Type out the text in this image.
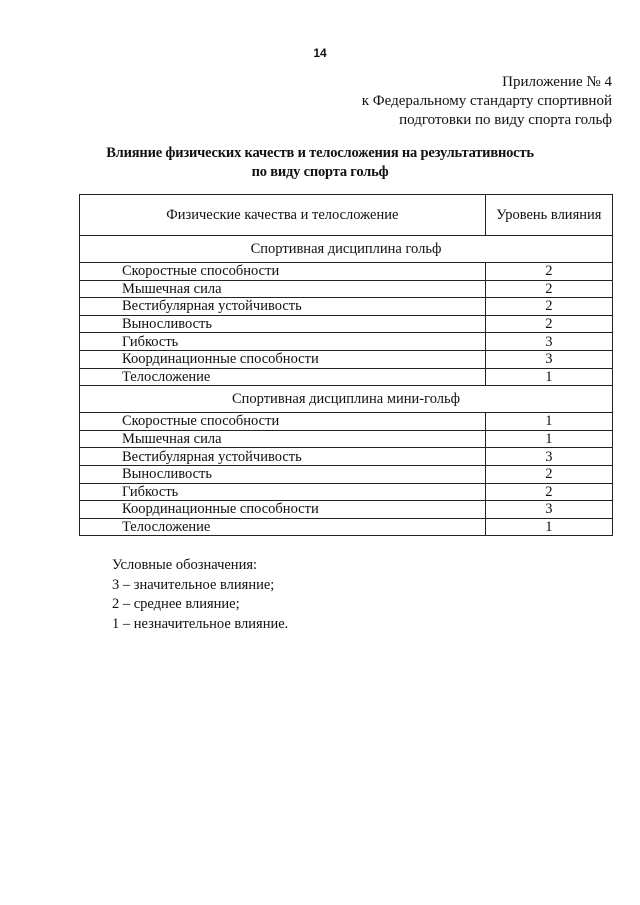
14
Приложение № 4
к Федеральному стандарту спортивной
подготовки по виду спорта гольф
Влияние физических качеств и телосложения на результативность
по виду спорта гольф
Физические качества и телосложение	Уровень влияния
Спортивная дисциплина гольф	
Скоростные способности	2
Мышечная сила	2
Вестибулярная устойчивость	2
Выносливость	2
Гибкость	3
Координационные способности	3
Телосложение	1
Спортивная дисциплина мини-гольф	
Скоростные способности	1
Мышечная сила	1
Вестибулярная устойчивость	3
Выносливость	2
Гибкость	2
Координационные способности	3
Телосложение	1
Условные обозначения:
3 – значительное влияние;
2 – среднее влияние;
1 – незначительное влияние.
